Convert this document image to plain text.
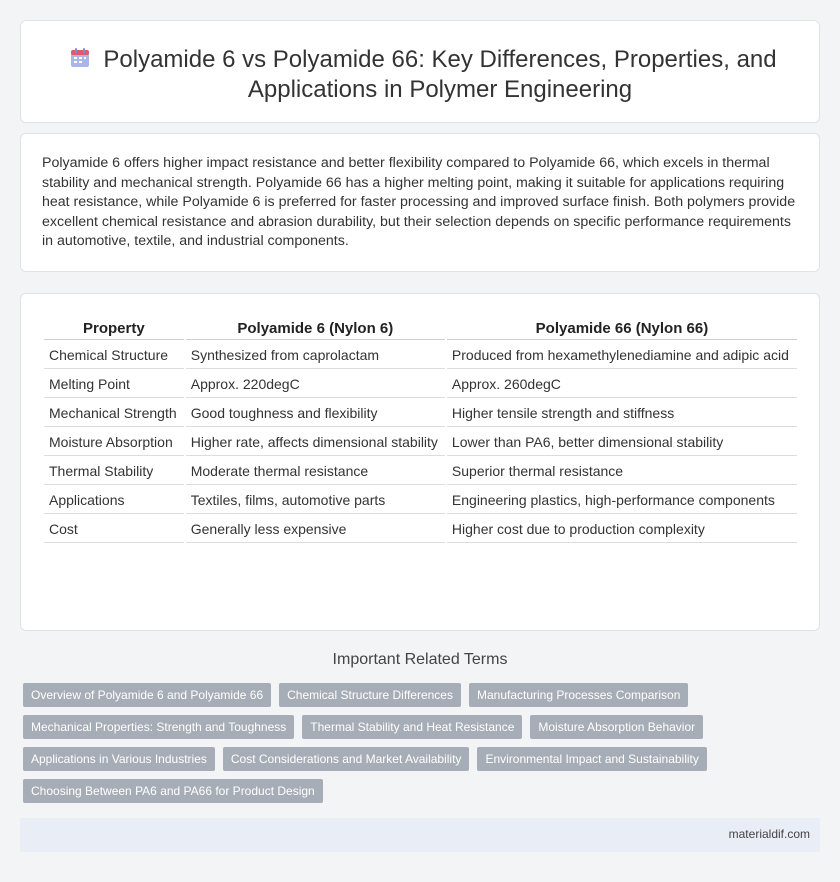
Polyamide 6 vs Polyamide 66: Key Differences, Properties, and Applications in Polymer Engineering

Polyamide 6 offers higher impact resistance and better flexibility compared to Polyamide 66, which excels in thermal stability and mechanical strength. Polyamide 66 has a higher melting point, making it suitable for applications requiring heat resistance, while Polyamide 6 is preferred for faster processing and improved surface finish. Both polymers provide excellent chemical resistance and abrasion durability, but their selection depends on specific performance requirements in automotive, textile, and industrial components.

Property	Polyamide 6 (Nylon 6)	Polyamide 66 (Nylon 66)
Chemical Structure	Synthesized from caprolactam	Produced from hexamethylenediamine and adipic acid
Melting Point	Approx. 220degC	Approx. 260degC
Mechanical Strength	Good toughness and flexibility	Higher tensile strength and stiffness
Moisture Absorption	Higher rate, affects dimensional stability	Lower than PA6, better dimensional stability
Thermal Stability	Moderate thermal resistance	Superior thermal resistance
Applications	Textiles, films, automotive parts	Engineering plastics, high-performance components
Cost	Generally less expensive	Higher cost due to production complexity
Important Related Terms
Overview of Polyamide 6 and Polyamide 66	Chemical Structure Differences	Manufacturing Processes Comparison
Mechanical Properties: Strength and Toughness	Thermal Stability and Heat Resistance	Moisture Absorption Behavior
Applications in Various Industries	Cost Considerations and Market Availability	Environmental Impact and Sustainability
Choosing Between PA6 and PA66 for Product Design
materialdif.com
